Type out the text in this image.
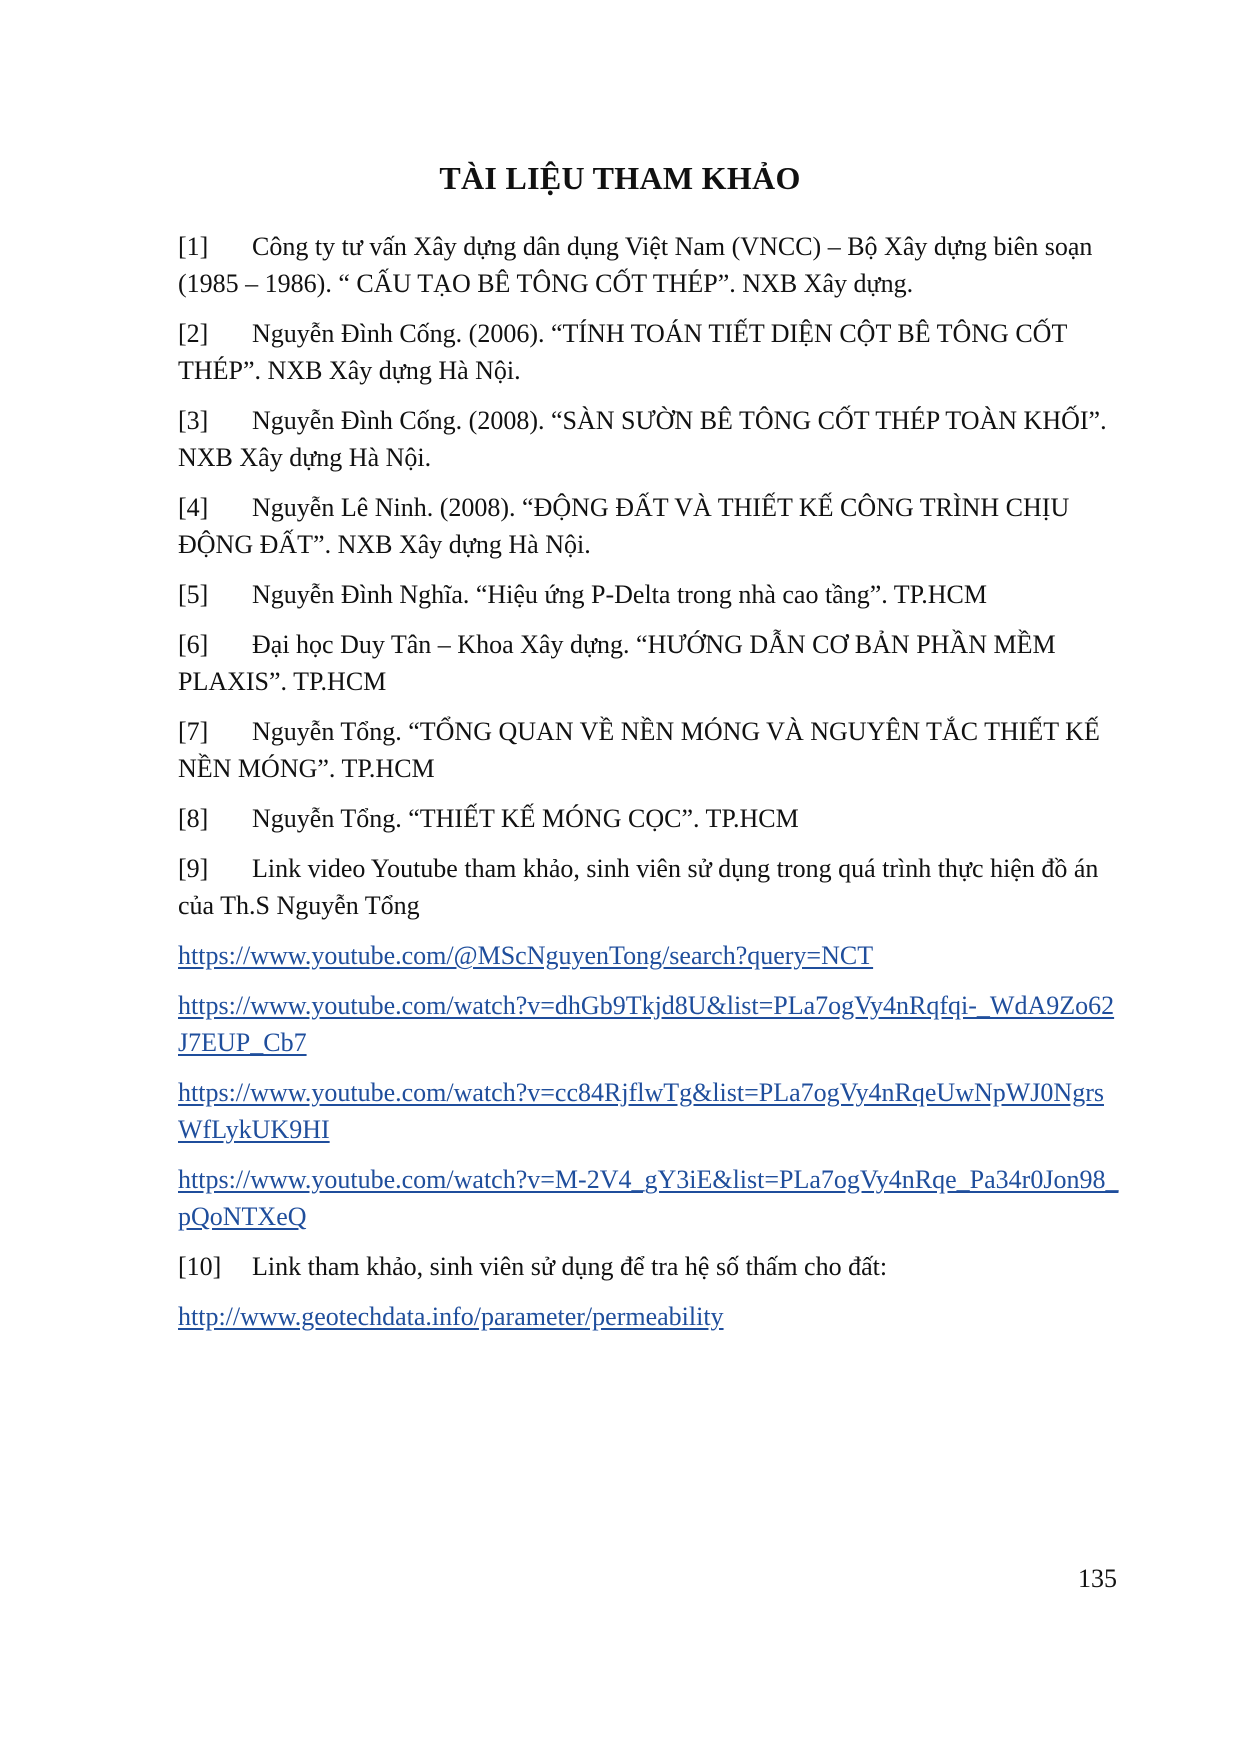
TÀI LIỆU THAM KHẢO

[1] Công ty tư vấn Xây dựng dân dụng Việt Nam (VNCC) – Bộ Xây dựng biên soạn (1985 – 1986). “ CẤU TẠO BÊ TÔNG CỐT THÉP”. NXB Xây dựng.

[2] Nguyễn Đình Cống. (2006). “TÍNH TOÁN TIẾT DIỆN CỘT BÊ TÔNG CỐT THÉP”. NXB Xây dựng Hà Nội.

[3] Nguyễn Đình Cống. (2008). “SÀN SƯỜN BÊ TÔNG CỐT THÉP TOÀN KHỐI”. NXB Xây dựng Hà Nội.

[4] Nguyễn Lê Ninh. (2008). “ĐỘNG ĐẤT VÀ THIẾT KẾ CÔNG TRÌNH CHỊU ĐỘNG ĐẤT”. NXB Xây dựng Hà Nội.

[5] Nguyễn Đình Nghĩa. “Hiệu ứng P-Delta trong nhà cao tầng”. TP.HCM

[6] Đại học Duy Tân – Khoa Xây dựng. “HƯỚNG DẪN CƠ BẢN PHẦN MỀM PLAXIS”. TP.HCM

[7] Nguyễn Tổng. “TỔNG QUAN VỀ NỀN MÓNG VÀ NGUYÊN TẮC THIẾT KẾ NỀN MÓNG”. TP.HCM

[8] Nguyễn Tổng. “THIẾT KẾ MÓNG CỌC”. TP.HCM

[9] Link video Youtube tham khảo, sinh viên sử dụng trong quá trình thực hiện đồ án của Th.S Nguyễn Tổng

https://www.youtube.com/@MScNguyenTong/search?query=NCT
https://www.youtube.com/watch?v=dhGb9Tkjd8U&list=PLa7ogVy4nRqfqi-_WdA9Zo62J7EUP_Cb7
https://www.youtube.com/watch?v=cc84RjflwTg&list=PLa7ogVy4nRqeUwNpWJ0NgrsWfLykUK9HI
https://www.youtube.com/watch?v=M-2V4_gY3iE&list=PLa7ogVy4nRqe_Pa34r0Jon98_pQoNTXeQ

[10] Link tham khảo, sinh viên sử dụng để tra hệ số thấm cho đất:

http://www.geotechdata.info/parameter/permeability
135
